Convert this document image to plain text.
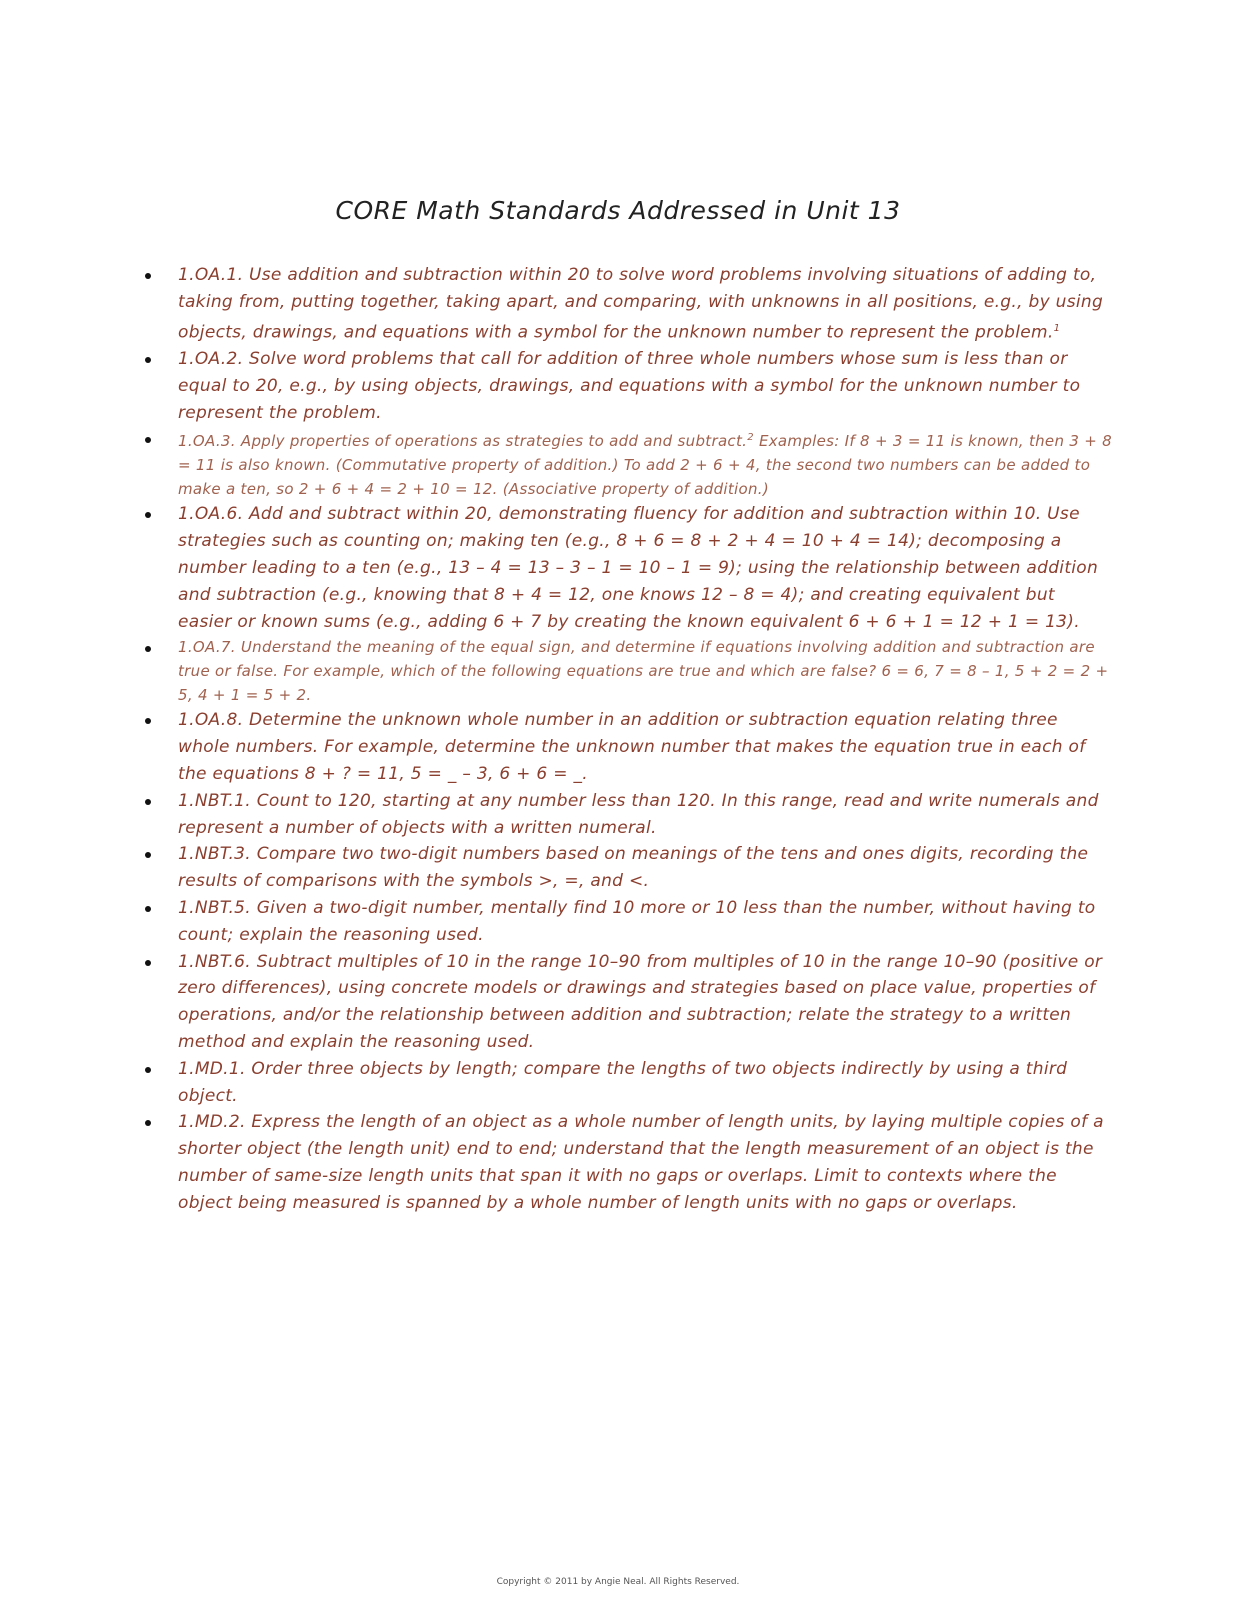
CORE Math Standards Addressed in Unit 13
1.OA.1. Use addition and subtraction within 20 to solve word problems involving situations of adding to, taking from, putting together, taking apart, and comparing, with unknowns in all positions, e.g., by using objects, drawings, and equations with a symbol for the unknown number to represent the problem.$^1$
1.OA.2. Solve word problems that call for addition of three whole numbers whose sum is less than or equal to 20, e.g., by using objects, drawings, and equations with a symbol for the unknown number to represent the problem.
1.OA.3. Apply properties of operations as strategies to add and subtract.$^2$ Examples: If 8 + 3 = 11 is known, then 3 + 8 = 11 is also known. (Commutative property of addition.) To add 2 + 6 + 4, the second two numbers can be added to make a ten, so 2 + 6 + 4 = 2 + 10 = 12. (Associative property of addition.)
1.OA.6. Add and subtract within 20, demonstrating fluency for addition and subtraction within 10. Use strategies such as counting on; making ten (e.g., 8 + 6 = 8 + 2 + 4 = 10 + 4 = 14); decomposing a number leading to a ten (e.g., 13 – 4 = 13 – 3 – 1 = 10 – 1 = 9); using the relationship between addition and subtraction (e.g., knowing that 8 + 4 = 12, one knows 12 – 8 = 4); and creating equivalent but easier or known sums (e.g., adding 6 + 7 by creating the known equivalent 6 + 6 + 1 = 12 + 1 = 13).
1.OA.7. Understand the meaning of the equal sign, and determine if equations involving addition and subtraction are true or false. For example, which of the following equations are true and which are false? 6 = 6, 7 = 8 – 1, 5 + 2 = 2 + 5, 4 + 1 = 5 + 2.
1.OA.8. Determine the unknown whole number in an addition or subtraction equation relating three whole numbers. For example, determine the unknown number that makes the equation true in each of the equations 8 + ? = 11, 5 = _ – 3, 6 + 6 = _.
1.NBT.1. Count to 120, starting at any number less than 120. In this range, read and write numerals and represent a number of objects with a written numeral.
1.NBT.3. Compare two two-digit numbers based on meanings of the tens and ones digits, recording the results of comparisons with the symbols >, =, and <.
1.NBT.5. Given a two-digit number, mentally find 10 more or 10 less than the number, without having to count; explain the reasoning used.
1.NBT.6. Subtract multiples of 10 in the range 10–90 from multiples of 10 in the range 10–90 (positive or zero differences), using concrete models or drawings and strategies based on place value, properties of operations, and/or the relationship between addition and subtraction; relate the strategy to a written method and explain the reasoning used.
1.MD.1. Order three objects by length; compare the lengths of two objects indirectly by using a third object.
1.MD.2. Express the length of an object as a whole number of length units, by laying multiple copies of a shorter object (the length unit) end to end; understand that the length measurement of an object is the number of same-size length units that span it with no gaps or overlaps. Limit to contexts where the object being measured is spanned by a whole number of length units with no gaps or overlaps.
Copyright © 2011 by Angie Neal. All Rights Reserved.
